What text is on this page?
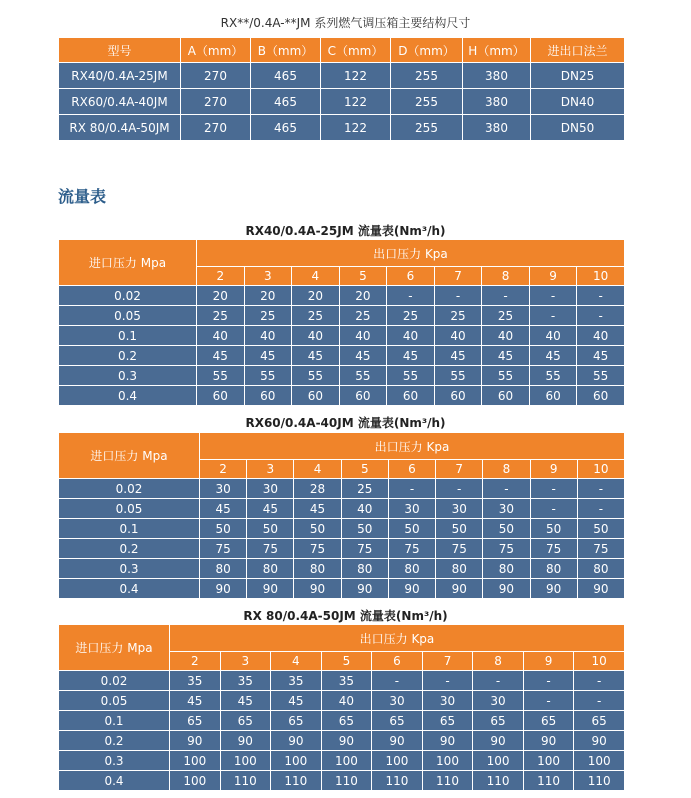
RX**/0.4A-**JM 系列燃气调压箱主要结构尺寸
型号	A（mm）	B（mm）	C（mm）	D（mm）	H（mm）	进出口法兰
RX40/0.4A-25JM	270	465	122	255	380	DN25
RX60/0.4A-40JM	270	465	122	255	380	DN40
RX 80/0.4A-50JM	270	465	122	255	380	DN50
流量表
RX40/0.4A-25JM 流量表(Nm³/h)
进口压力 Mpa	出口压力 Kpa								
	2	3	4	5	6	7	8	9	10
0.02	20	20	20	20	-	-	-	-	-
0.05	25	25	25	25	25	25	25	-	-
0.1	40	40	40	40	40	40	40	40	40
0.2	45	45	45	45	45	45	45	45	45
0.3	55	55	55	55	55	55	55	55	55
0.4	60	60	60	60	60	60	60	60	60
RX60/0.4A-40JM 流量表(Nm³/h)
进口压力 Mpa	出口压力 Kpa								
	2	3	4	5	6	7	8	9	10
0.02	30	30	28	25	-	-	-	-	-
0.05	45	45	45	40	30	30	30	-	-
0.1	50	50	50	50	50	50	50	50	50
0.2	75	75	75	75	75	75	75	75	75
0.3	80	80	80	80	80	80	80	80	80
0.4	90	90	90	90	90	90	90	90	90
RX 80/0.4A-50JM 流量表(Nm³/h)
进口压力 Mpa	出口压力 Kpa								
	2	3	4	5	6	7	8	9	10
0.02	35	35	35	35	-	-	-	-	-
0.05	45	45	45	40	30	30	30	-	-
0.1	65	65	65	65	65	65	65	65	65
0.2	90	90	90	90	90	90	90	90	90
0.3	100	100	100	100	100	100	100	100	100
0.4	100	110	110	110	110	110	110	110	110
